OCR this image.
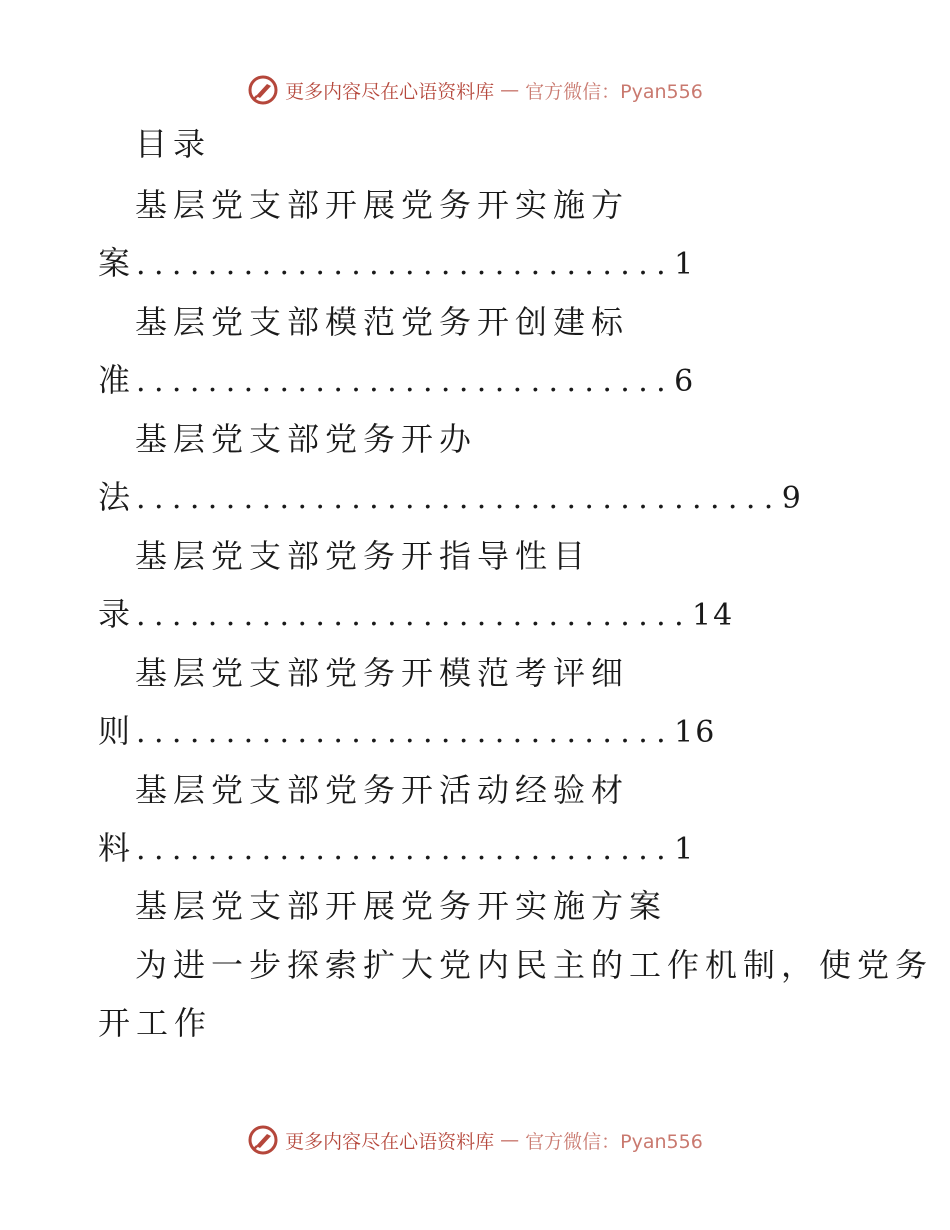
更多内容尽在心语资料库 — 官方微信：Pyan556
目录
基层党支部开展党务开实施方
案 .............................. 1
基层党支部模范党务开创建标
准 .............................. 6
基层党支部党务开办
法 .................................... 9
基层党支部党务开指导性目
录 ............................... 14
基层党支部党务开模范考评细
则 .............................. 16
基层党支部党务开活动经验材
料 .............................. 1
基层党支部开展党务开实施方案
为进一步探索扩大党内民主的工作机制，使党务
开工作
更多内容尽在心语资料库 — 官方微信：Pyan556
